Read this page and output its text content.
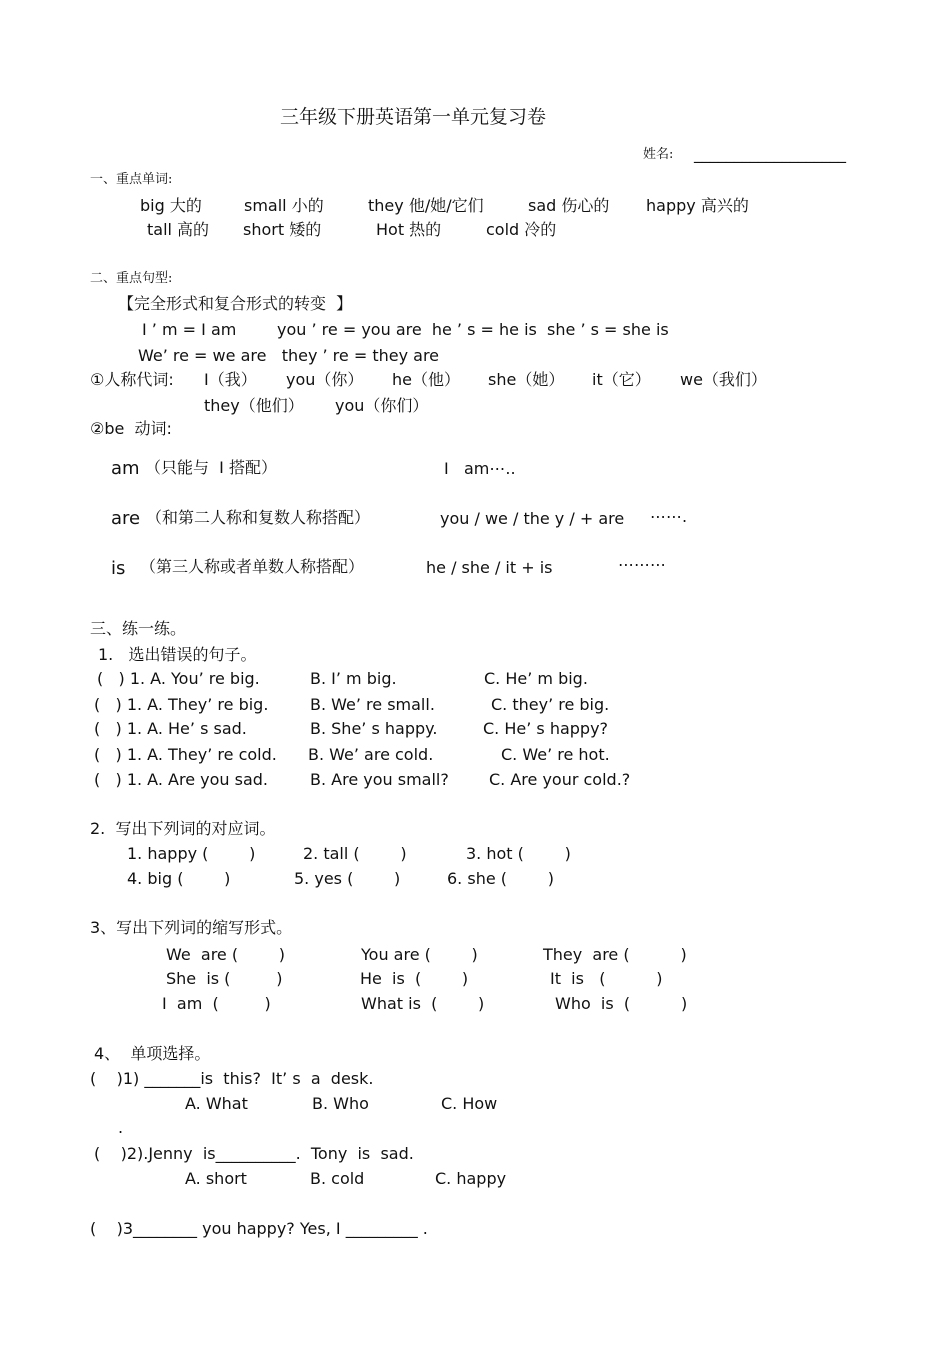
三年级下册英语第一单元复习卷
姓名: ___________________
一、重点单词:
big 大的	small 小的	they 他/她/它们	sad 伤心的 happy 高兴的
tall 高的 short 矮的	Hot 热的	cold 冷的
二、重点句型:
【完全形式和复合形式的转变  】
I ’ m = I am        you ’ re = you are  he ’ s = he is  she ’ s = she is
We’ re = we are   they ’ re = they are
①人称代词: I（我） you（你） he（他） she（她） it（它） we（我们）
they（他们） you（你们）
②be  动词:
am （只能与  I 搭配）	I   am⋯..
are （和第二人称和复数人称搭配）	you / we / the y / + are ⋯⋯.
is （第三人称或者单数人称搭配）	he / she / it + is	⋯⋯⋯
三、练一练。
1.   选出错误的句子。
(   ) 1. A. You’ re big.	B. I’ m big.	C. He’ m big.
(   ) 1. A. They’ re big.	B. We’ re small.	C. they’ re big.
(   ) 1. A. He’ s sad.	B. She’ s happy.	C. He’ s happy?
(   ) 1. A. They’ re cold. B. We’ are cold.	C. We’ re hot.
(   ) 1. A. Are you sad.	B. Are you small?	C. Are your cold.?
2.  写出下列词的对应词。
1. happy (        )	2. tall (        )	3. hot (        )
4. big (        )	5. yes (        )	6. she (        )
3、写出下列词的缩写形式。
We  are (        )	You are (        )	They  are (          )
She  is (         )	He  is  (        )	It  is   (          )
I  am  (         )	What is  (        )	Who  is  (          )
4、  单项选择。
(    )1) _______is  this?  It’ s  a  desk.
A. What	B. Who	C. How
.
(    )2).Jenny  is__________.  Tony  is  sad.
A. short	B. cold	C. happy
(    )3________ you happy? Yes, I _________ .
